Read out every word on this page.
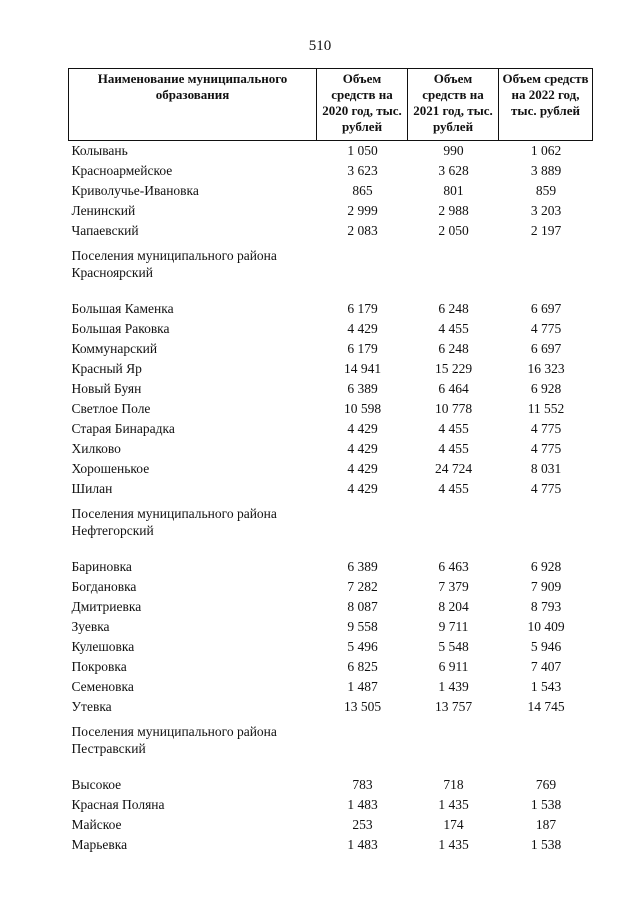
510
Наименование муниципального образования	Объем средств на 2020 год, тыс. рублей	Объем средств на 2021 год, тыс. рублей	Объем средств на 2022 год, тыс. рублей
Колывань	1 050	990	1 062
Красноармейское	3 623	3 628	3 889
Криволучье-Ивановка	865	801	859
Ленинский	2 999	2 988	3 203
Чапаевский	2 083	2 050	2 197
Поселения муниципального района Красноярский			
Большая Каменка	6 179	6 248	6 697
Большая Раковка	4 429	4 455	4 775
Коммунарский	6 179	6 248	6 697
Красный Яр	14 941	15 229	16 323
Новый Буян	6 389	6 464	6 928
Светлое Поле	10 598	10 778	11 552
Старая Бинарадка	4 429	4 455	4 775
Хилково	4 429	4 455	4 775
Хорошенькое	4 429	24 724	8 031
Шилан	4 429	4 455	4 775
Поселения муниципального района Нефтегорский			
Бариновка	6 389	6 463	6 928
Богдановка	7 282	7 379	7 909
Дмитриевка	8 087	8 204	8 793
Зуевка	9 558	9 711	10 409
Кулешовка	5 496	5 548	5 946
Покровка	6 825	6 911	7 407
Семеновка	1 487	1 439	1 543
Утевка	13 505	13 757	14 745
Поселения муниципального района Пестравский			
Высокое	783	718	769
Красная Поляна	1 483	1 435	1 538
Майское	253	174	187
Марьевка	1 483	1 435	1 538
